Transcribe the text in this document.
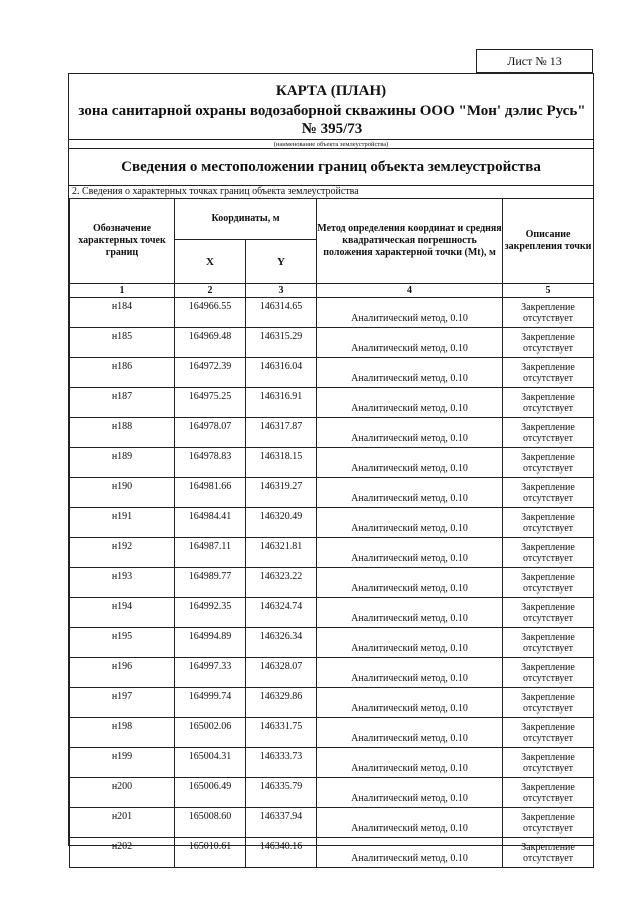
Лист № 13
КАРТА (ПЛАН)
зона санитарной охраны водозаборной скважины ООО "Мон' дэлис Русь" № 395/73
(наименование объекта землеустройства)
Сведения о местоположении границ объекта землеустройства
2. Сведения о характерных точках границ объекта землеустройства
Обозначение характерных точек границ	Координаты, м		Метод определения координат и средняя квадратическая погрешность положения характерной точки (Mt), м	Описание закрепления точки
	X	Y		
1	2	3	4	5
н184	164966.55	146314.65	Аналитический метод, 0.10	Закрепление отсутствует
н185	164969.48	146315.29	Аналитический метод, 0.10	Закрепление отсутствует
н186	164972.39	146316.04	Аналитический метод, 0.10	Закрепление отсутствует
н187	164975.25	146316.91	Аналитический метод, 0.10	Закрепление отсутствует
н188	164978.07	146317.87	Аналитический метод, 0.10	Закрепление отсутствует
н189	164978.83	146318.15	Аналитический метод, 0.10	Закрепление отсутствует
н190	164981.66	146319.27	Аналитический метод, 0.10	Закрепление отсутствует
н191	164984.41	146320.49	Аналитический метод, 0.10	Закрепление отсутствует
н192	164987.11	146321.81	Аналитический метод, 0.10	Закрепление отсутствует
н193	164989.77	146323.22	Аналитический метод, 0.10	Закрепление отсутствует
н194	164992.35	146324.74	Аналитический метод, 0.10	Закрепление отсутствует
н195	164994.89	146326.34	Аналитический метод, 0.10	Закрепление отсутствует
н196	164997.33	146328.07	Аналитический метод, 0.10	Закрепление отсутствует
н197	164999.74	146329.86	Аналитический метод, 0.10	Закрепление отсутствует
н198	165002.06	146331.75	Аналитический метод, 0.10	Закрепление отсутствует
н199	165004.31	146333.73	Аналитический метод, 0.10	Закрепление отсутствует
н200	165006.49	146335.79	Аналитический метод, 0.10	Закрепление отсутствует
н201	165008.60	146337.94	Аналитический метод, 0.10	Закрепление отсутствует
н202	165010.61	146340.16	Аналитический метод, 0.10	Закрепление отсутствует
